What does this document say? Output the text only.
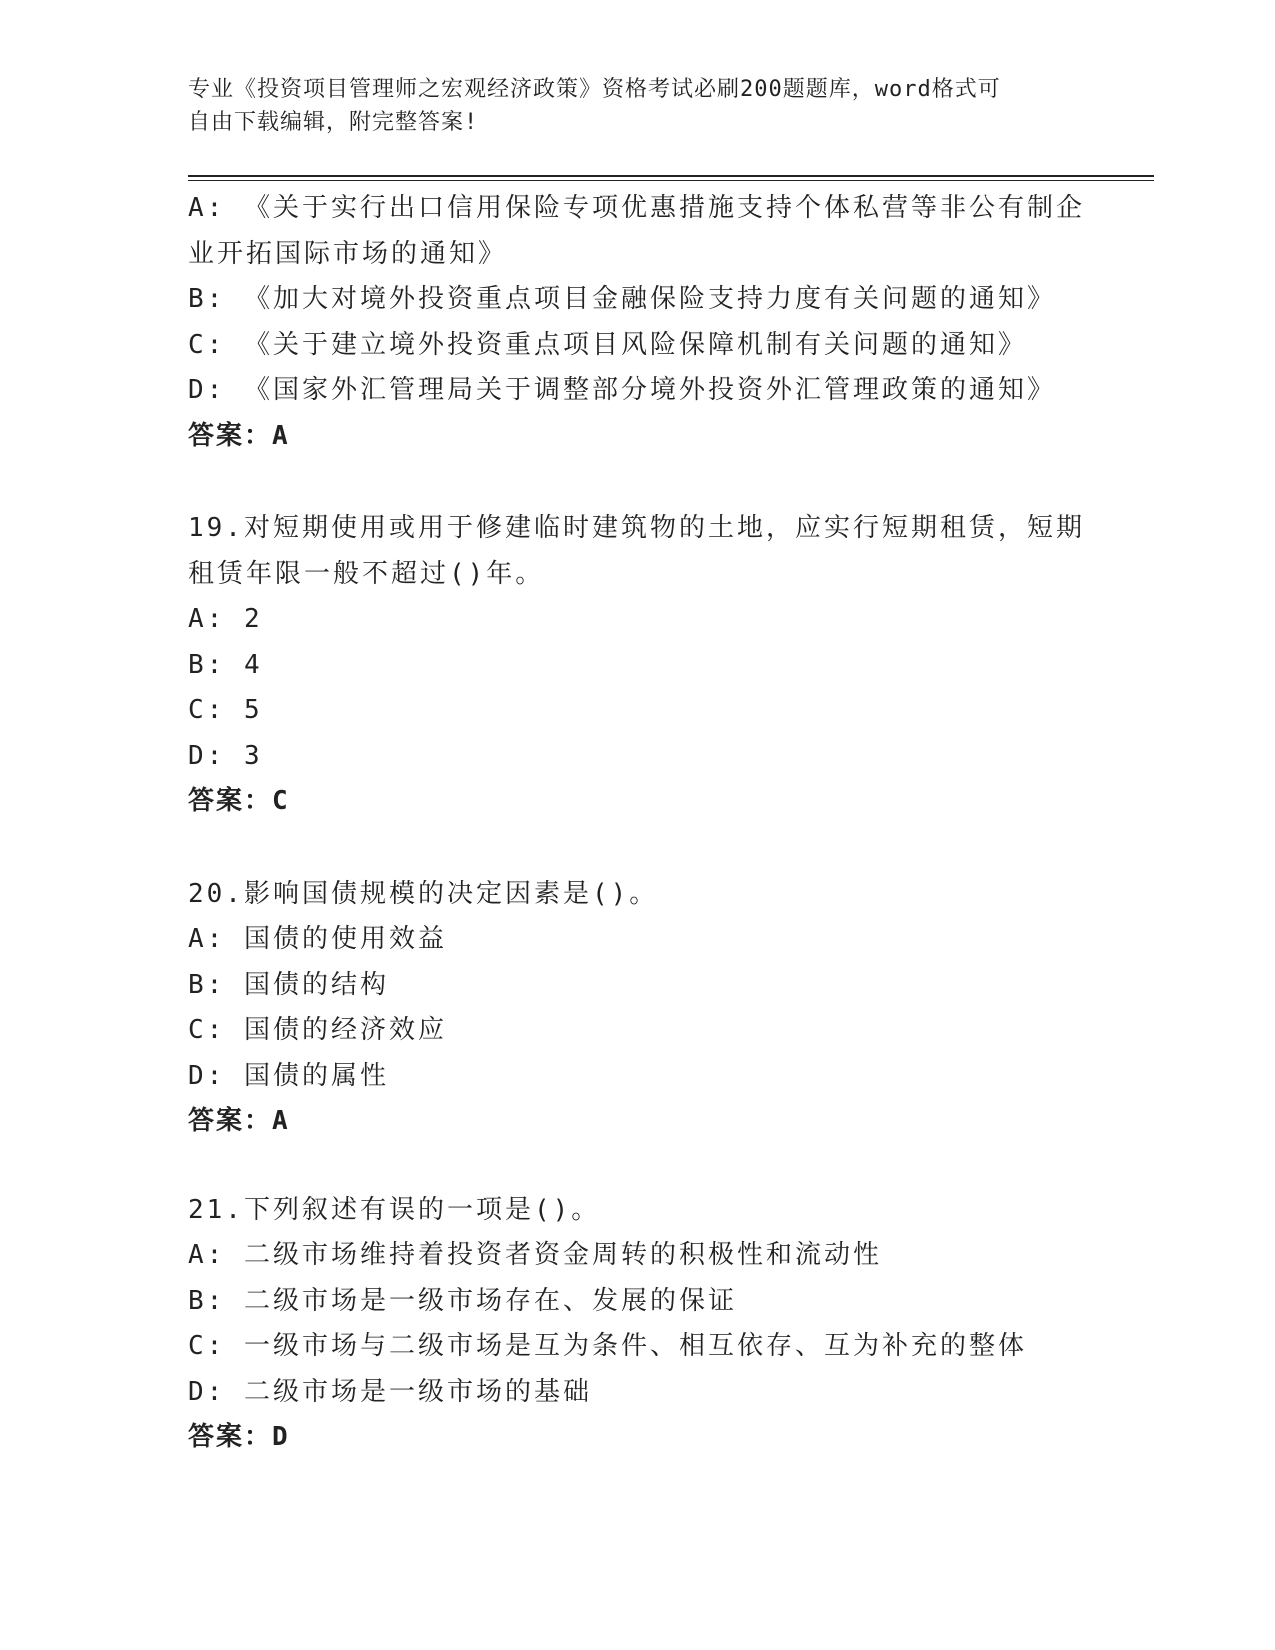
专业《投资项目管理师之宏观经济政策》资格考试必刷200题题库，word格式可
自由下载编辑，附完整答案!
A: 《关于实行出口信用保险专项优惠措施支持个体私营等非公有制企
业开拓国际市场的通知》
B: 《加大对境外投资重点项目金融保险支持力度有关问题的通知》
C: 《关于建立境外投资重点项目风险保障机制有关问题的通知》
D: 《国家外汇管理局关于调整部分境外投资外汇管理政策的通知》
答案：A
19.对短期使用或用于修建临时建筑物的土地，应实行短期租赁，短期
租赁年限一般不超过()年。
A: 2
B: 4
C: 5
D: 3
答案：C
20.影响国债规模的决定因素是()。
A: 国债的使用效益
B: 国债的结构
C: 国债的经济效应
D: 国债的属性
答案：A
21.下列叙述有误的一项是()。
A: 二级市场维持着投资者资金周转的积极性和流动性
B: 二级市场是一级市场存在、发展的保证
C: 一级市场与二级市场是互为条件、相互依存、互为补充的整体
D: 二级市场是一级市场的基础
答案：D
